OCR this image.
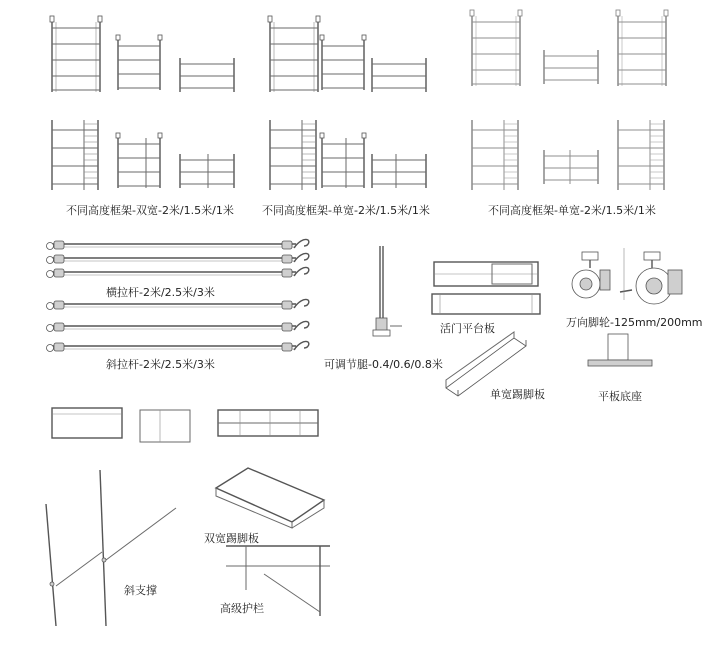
不同高度框架-双宽-2米/1.5米/1米	不同高度框架-单宽-2米/1.5米/1米	不同高度框架-单宽-2米/1.5米/1米
横拉杆-2米/2.5米/3米
斜拉杆-2米/2.5米/3米	可调节腿-0.4/0.6/0.8米
活门平台板	万向脚轮-125mm/200mm
单宽踢脚板	平板底座
双宽踢脚板
斜支撑
高级护栏
